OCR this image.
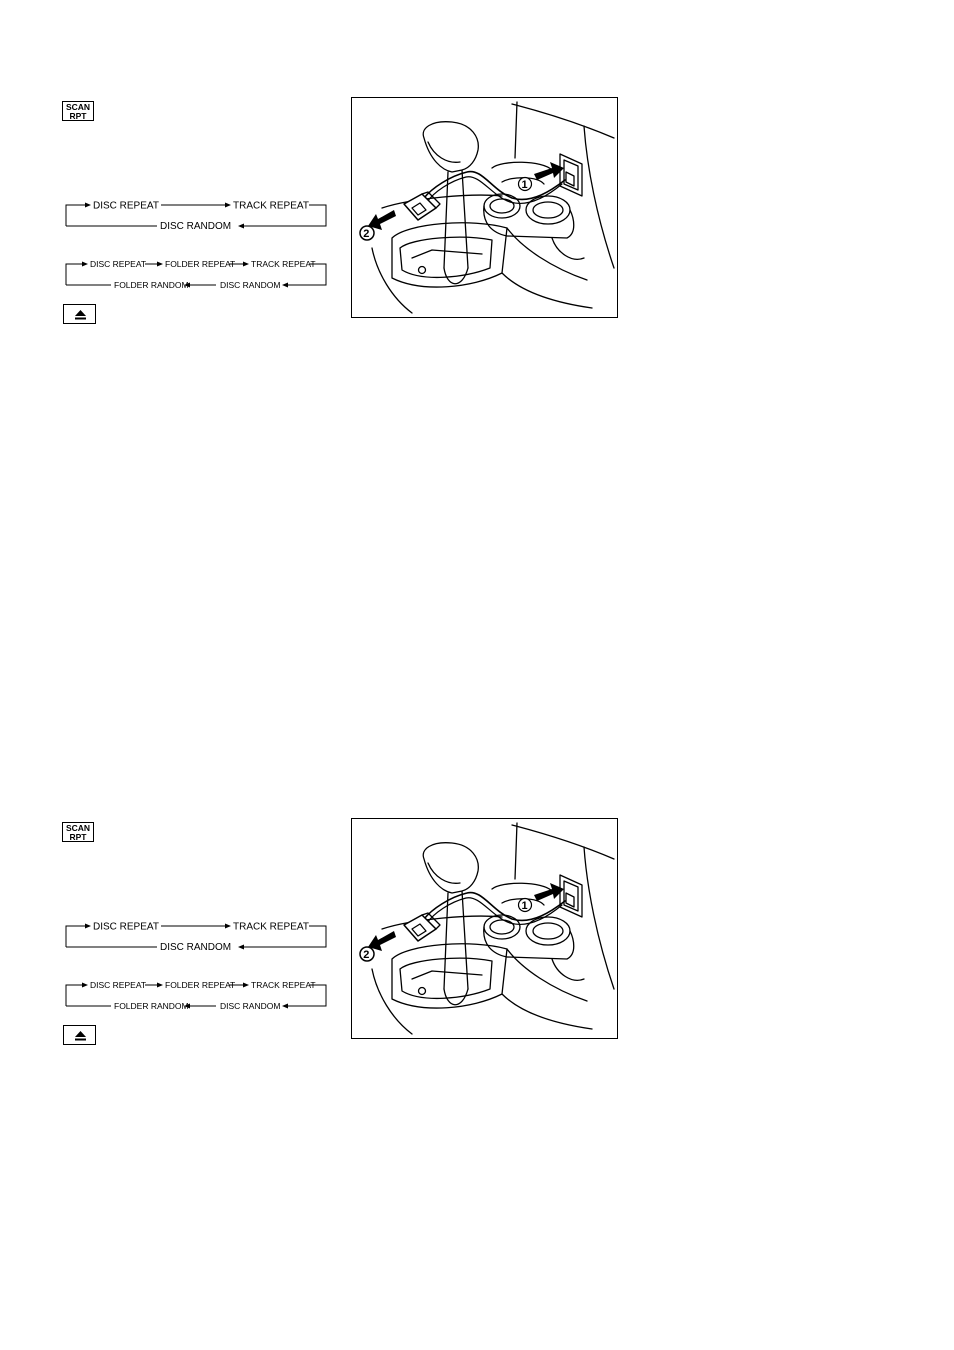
SCAN
RPT
DISC REPEAT	TRACK REPEAT
DISC RANDOM
DISC REPEAT FOLDER REPEAT TRACK REPEAT
DISC RANDOM
FOLDER RANDOM
1
2
SCAN
RPT
DISC REPEAT	TRACK REPEAT
DISC RANDOM
DISC REPEAT FOLDER REPEAT TRACK REPEAT
DISC RANDOM
FOLDER RANDOM
1
2
